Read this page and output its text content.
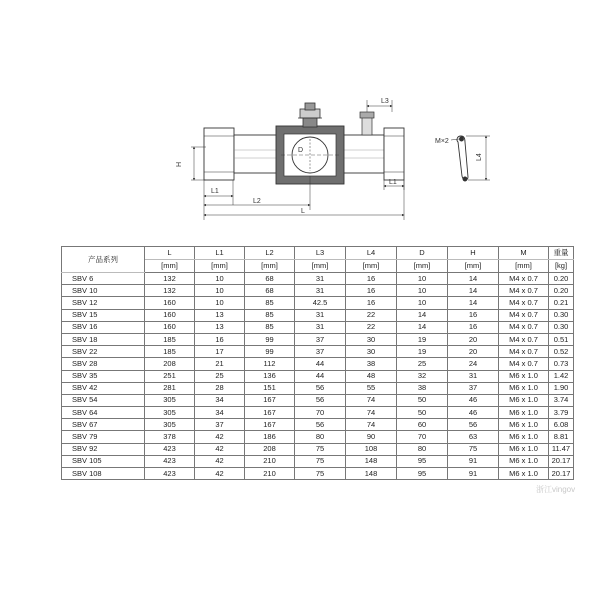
H
L1
L1
L2
L
L3
D
L4
M×2
产品系列	L	L1	L2	L3	L4	D	H	M	重量
	[mm]	[mm]	[mm]	[mm]	[mm]	[mm]	[mm]	[mm]	[kg]
SBV 6	132	10	68	31	16	10	14	M4 x 0.7	0.20
SBV 10	132	10	68	31	16	10	14	M4 x 0.7	0.20
SBV 12	160	10	85	42.5	16	10	14	M4 x 0.7	0.21
SBV 15	160	13	85	31	22	14	16	M4 x 0.7	0.30
SBV 16	160	13	85	31	22	14	16	M4 x 0.7	0.30
SBV 18	185	16	99	37	30	19	20	M4 x 0.7	0.51
SBV 22	185	17	99	37	30	19	20	M4 x 0.7	0.52
SBV 28	208	21	112	44	38	25	24	M4 x 0.7	0.73
SBV 35	251	25	136	44	48	32	31	M6 x 1.0	1.42
SBV 42	281	28	151	56	55	38	37	M6 x 1.0	1.90
SBV 54	305	34	167	56	74	50	46	M6 x 1.0	3.74
SBV 64	305	34	167	70	74	50	46	M6 x 1.0	3.79
SBV 67	305	37	167	56	74	60	56	M6 x 1.0	6.08
SBV 79	378	42	186	80	90	70	63	M6 x 1.0	8.81
SBV 92	423	42	208	75	108	80	75	M6 x 1.0	11.47
SBV 105	423	42	210	75	148	95	91	M6 x 1.0	20.17
SBV 108	423	42	210	75	148	95	91	M6 x 1.0	20.17
浙江vingov
